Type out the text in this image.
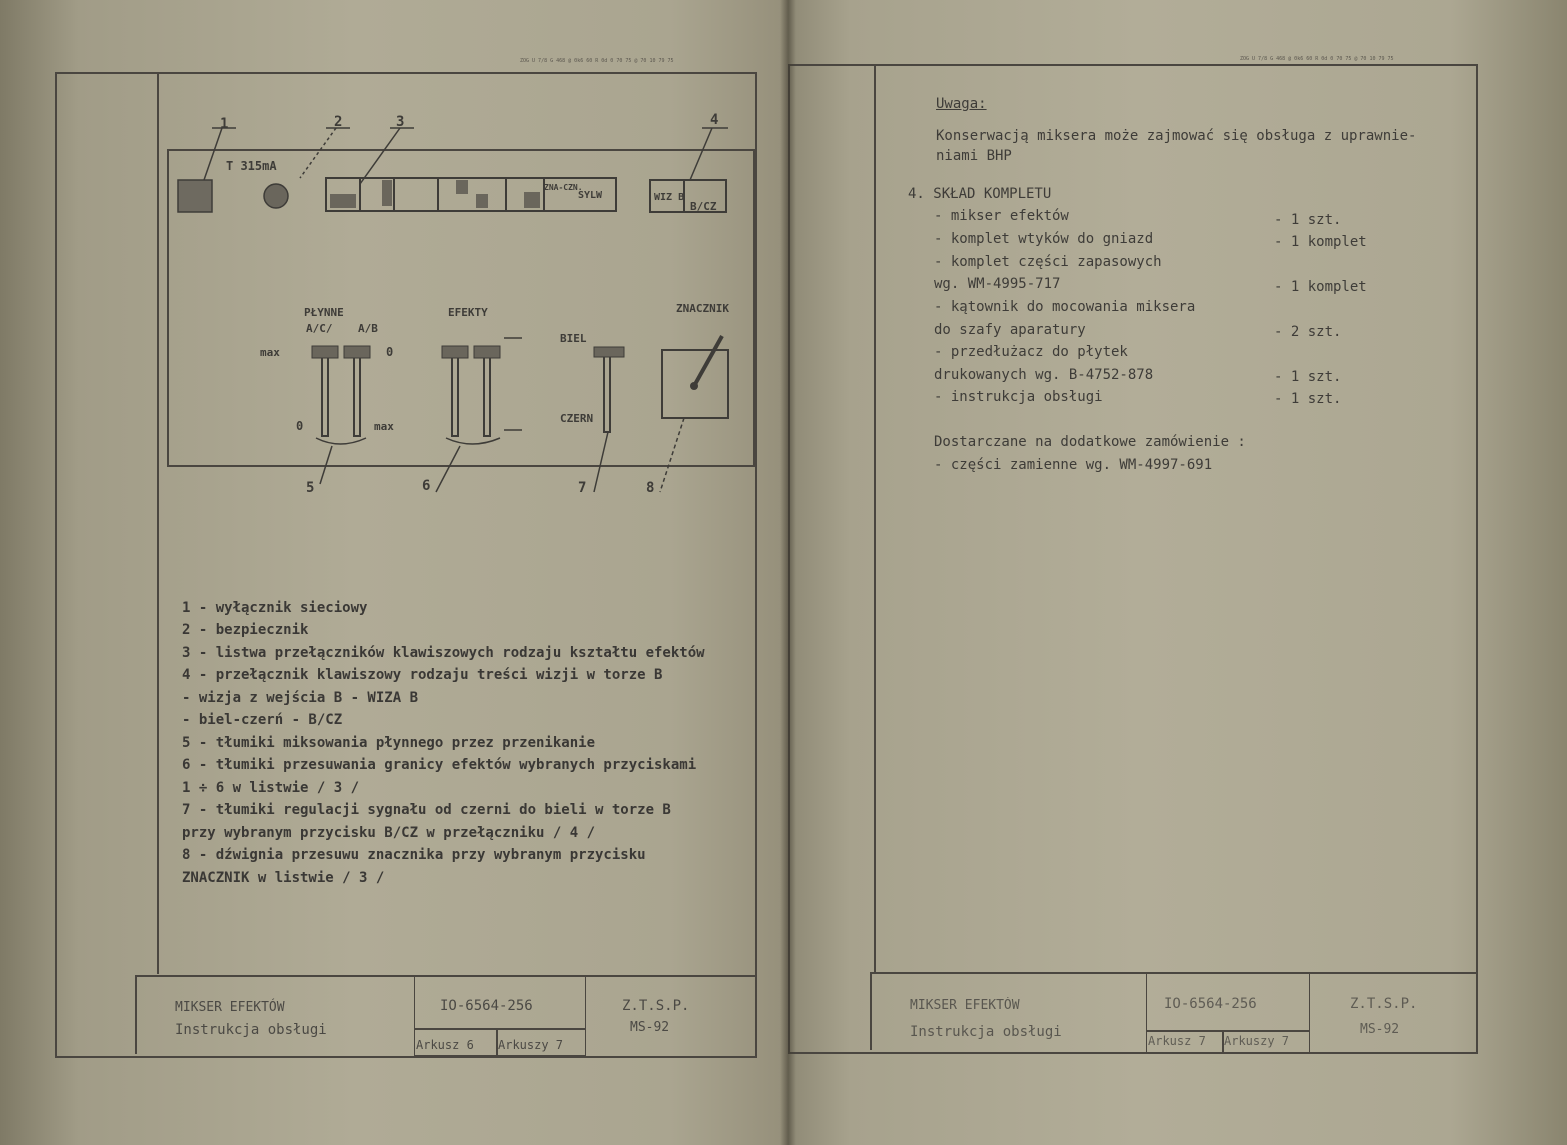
ZOG U 7/8 G 468 @ 0k6 60 R 0d 0 70 75 @ 70 10 79 75
1	2	3	4
T 315mA
ZNA-CZN.
SYLW	WIZ B
B/CZ
PŁYNNE
A/C/ A/B
max	0
0	max
EFEKTY
BIEL
CZERN
ZNACZNIK
5	6	7	8
1 - wyłącznik sieciowy
2 - bezpiecznik
3 - listwa przełączników klawiszowych rodzaju kształtu efektów
4 - przełącznik klawiszowy rodzaju treści wizji w torze B
- wizja z wejścia B - WIZA B
- biel-czerń - B/CZ
5 - tłumiki miksowania płynnego przez przenikanie
6 - tłumiki przesuwania granicy efektów wybranych przyciskami
1 ÷ 6 w listwie / 3 /
7 - tłumiki regulacji sygnału od czerni do bieli w torze B
przy wybranym przycisku B/CZ w przełączniku / 4 /
8 - dźwignia przesuwu znacznika przy wybranym przycisku
ZNACZNIK w listwie / 3 /
MIKSER EFEKTÓW
Instrukcja obsługi
IO-6564-256
Arkusz 6 Arkuszy 7
Z.T.S.P.
MS-92
ZOG U 7/8 G 468 @ 0k6 60 R 0d 0 70 75 @ 70 10 79 75
Uwaga:
Konserwacją miksera może zajmować się obsługa z uprawnie-
niami BHP
4. SKŁAD KOMPLETU
- mikser efektów	- 1 szt.
- komplet wtyków do gniazd	- 1 komplet
- komplet części zapasowych
wg. WM-4995-717	- 1 komplet
- kątownik do mocowania miksera
do szafy aparatury	- 2 szt.
- przedłużacz do płytek
drukowanych wg. B-4752-878	- 1 szt.
- instrukcja obsługi	- 1 szt.
Dostarczane na dodatkowe zamówienie :
- części zamienne wg. WM-4997-691
MIKSER EFEKTÓW
Instrukcja obsługi
IO-6564-256
Arkusz 7 Arkuszy 7
Z.T.S.P.
MS-92
